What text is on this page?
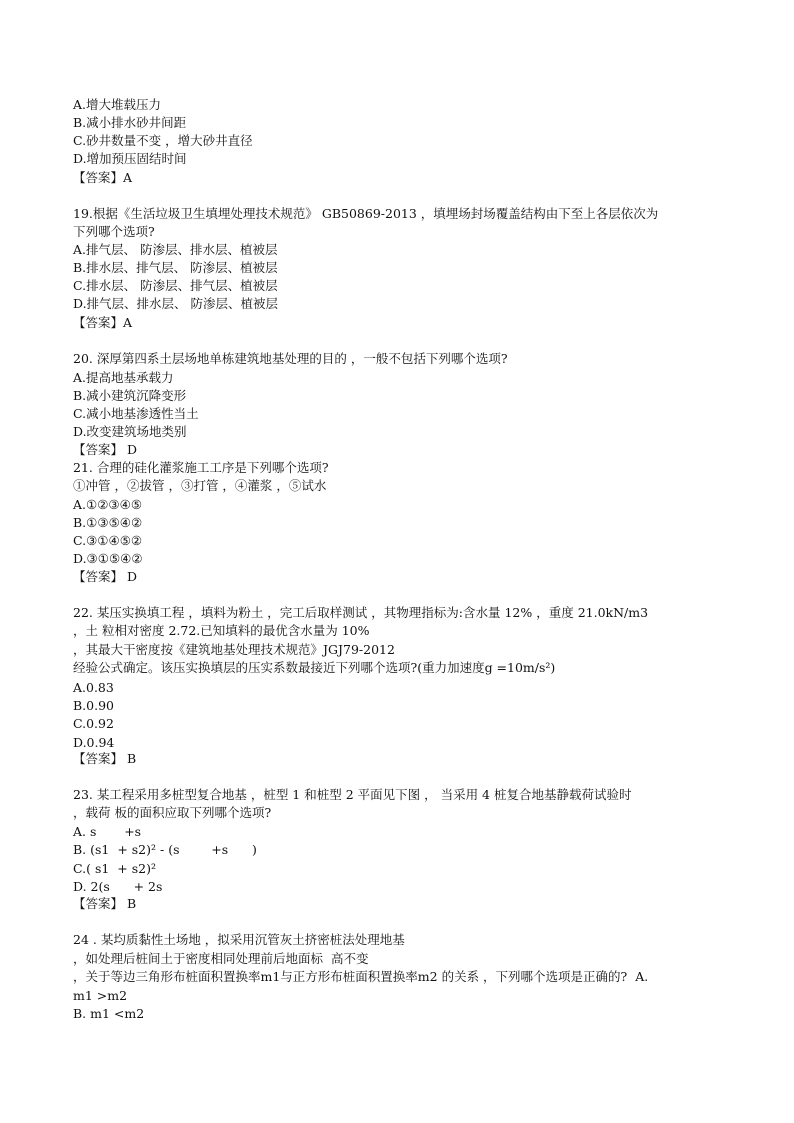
A.增大堆载压力
B.减小排水砂井间距
C.砂井数量不变 ，增大砂井直径
D.增加预压固结时间
【答案】A
19.根据《生活垃圾卫生填埋处理技术规范》 GB50869-2013 ，填埋场封场覆盖结构由下至上各层依次为
下列哪个选项?
A.排气层、 防渗层、排水层、植被层
B.排水层、排气层、 防渗层、植被层
C.排水层、 防渗层、排气层、植被层
D.排气层、排水层、 防渗层、植被层
【答案】A
20. 深厚第四系土层场地单栋建筑地基处理的目的 ，一般不包括下列哪个选项?
A.提高地基承载力
B.减小建筑沉降变形
C.减小地基渗透性当土
D.改变建筑场地类别
【答案】 D
21. 合理的硅化灌浆施工工序是下列哪个选项?
①冲管 ，②拔管 ，③打管 ，④灌浆 ，⑤试水
A.①②③④⑤
B.①③⑤④②
C.③①④⑤②
D.③①⑤④②
【答案】 D
22. 某压实换填工程 ，填料为粉土 ，完工后取样测试 ，其物理指标为:含水量 12% ，重度 21.0kN/m3
，土 粒相对密度 2.72.已知填料的最优含水量为 10%
，其最大干密度按《建筑地基处理技术规范》JGJ79-2012
经验公式确定。该压实换填层的压实系数最接近下列哪个选项?(重力加速度g =10m/s²)
A.0.83
B.0.90
C.0.92
D.0.94
【答案】 B
23. 某工程采用多桩型复合地基 ，桩型 1 和桩型 2 平面见下图 ， 当采用 4 桩复合地基静载荷试验时
，载荷 板的面积应取下列哪个选项?
A. s       +s
B. (s1  + s2)² - (s        +s      )
C.( s1  + s2)²
D. 2(s      + 2s
【答案】 B
24 . 某均质黏性土场地 ，拟采用沉管灰土挤密桩法处理地基
，如处理后桩间土于密度相同处理前后地面标  高不变
，关于等边三角形布桩面积置换率m1与正方形布桩面积置换率m2 的关系 ，下列哪个选项是正确的?  A.
m1 >m2
B. m1 <m2
